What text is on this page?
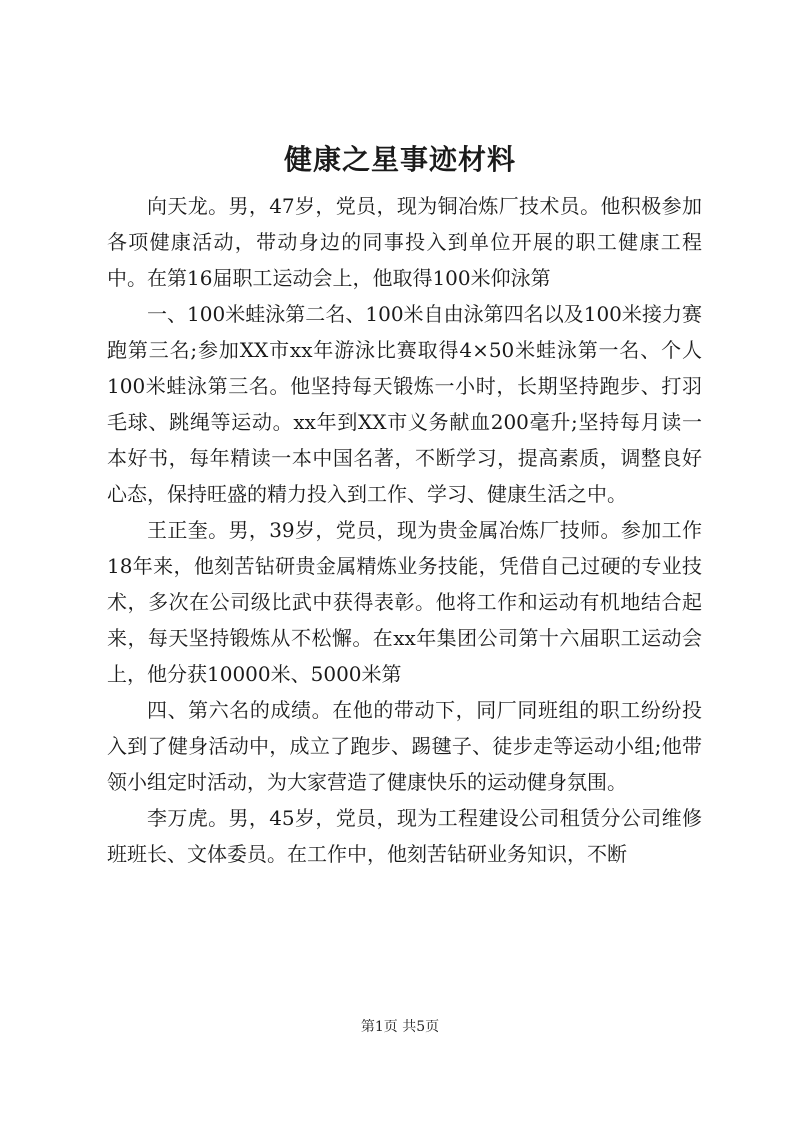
健康之星事迹材料

向天龙。男，47岁，党员，现为铜冶炼厂技术员。他积极参加各项健康活动，带动身边的同事投入到单位开展的职工健康工程中。在第16届职工运动会上，他取得100米仰泳第

一、100米蛙泳第二名、100米自由泳第四名以及100米接力赛跑第三名;参加XX市xx年游泳比赛取得4×50米蛙泳第一名、个人100米蛙泳第三名。他坚持每天锻炼一小时，长期坚持跑步、打羽毛球、跳绳等运动。xx年到XX市义务献血200毫升;坚持每月读一本好书，每年精读一本中国名著，不断学习，提高素质，调整良好心态，保持旺盛的精力投入到工作、学习、健康生活之中。

王正奎。男，39岁，党员，现为贵金属冶炼厂技师。参加工作18年来，他刻苦钻研贵金属精炼业务技能，凭借自己过硬的专业技术，多次在公司级比武中获得表彰。他将工作和运动有机地结合起来，每天坚持锻炼从不松懈。在xx年集团公司第十六届职工运动会上，他分获10000米、5000米第

四、第六名的成绩。在他的带动下，同厂同班组的职工纷纷投入到了健身活动中，成立了跑步、踢毽子、徒步走等运动小组;他带领小组定时活动，为大家营造了健康快乐的运动健身氛围。

李万虎。男，45岁，党员，现为工程建设公司租赁分公司维修班班长、文体委员。在工作中，他刻苦钻研业务知识，不断

第1页 共5页
